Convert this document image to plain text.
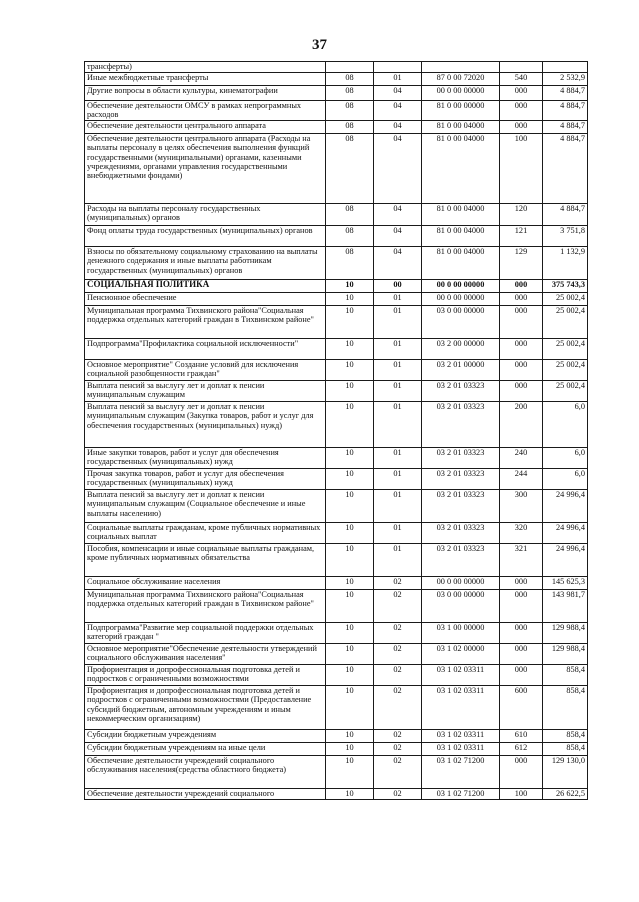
37
трансферты)					
Иные межбюджетные трансферты	08	01	87 0 00 72020	540	2 532,9
Другие вопросы в области культуры, кинематографии	08	04	00 0 00 00000	000	4 884,7
Обеспечение деятельности ОМСУ в рамках непрограммных расходов	08	04	81 0 00 00000	000	4 884,7
Обеспечение деятельности центрального аппарата	08	04	81 0 00 04000	000	4 884,7
Обеспечение деятельности центрального аппарата (Расходы на выплаты персоналу в целях обеспечения выполнения функций государственными (муниципальными) органами, казенными учреждениями, органами управления государственными внебюджетными фондами)	08	04	81 0 00 04000	100	4 884,7
Расходы на выплаты персоналу государственных (муниципальных) органов	08	04	81 0 00 04000	120	4 884,7
Фонд оплаты труда государственных (муниципальных) органов	08	04	81 0 00 04000	121	3 751,8
Взносы по обязательному социальному страхованию на выплаты денежного содержания и иные выплаты работникам государственных (муниципальных) органов	08	04	81 0 00 04000	129	1 132,9
СОЦИАЛЬНАЯ ПОЛИТИКА	10	00	00 0 00 00000	000	375 743,3
Пенсионное обеспечение	10	01	00 0 00 00000	000	25 002,4
Муниципальная программа Тихвинского района"Социальная поддержка отдельных категорий граждан в Тихвинском районе"	10	01	03 0 00 00000	000	25 002,4
Подпрограмма"Профилактика социальной исключенности"	10	01	03 2 00 00000	000	25 002,4
Основное мероприятие" Создание условий для исключения социальной разобщенности граждан"	10	01	03 2 01 00000	000	25 002,4
Выплата пенсий за выслугу лет и доплат к пенсии муниципальным служащим	10	01	03 2 01 03323	000	25 002,4
Выплата пенсий за выслугу лет и доплат к пенсии муниципальным служащим (Закупка товаров, работ и услуг для обеспечения государственных (муниципальных) нужд)	10	01	03 2 01 03323	200	6,0
Иные закупки товаров, работ и услуг для обеспечения государственных (муниципальных) нужд	10	01	03 2 01 03323	240	6,0
Прочая закупка товаров, работ и услуг для обеспечения государственных (муниципальных) нужд	10	01	03 2 01 03323	244	6,0
Выплата пенсий за выслугу лет и доплат к пенсии муниципальным служащим (Социальное обеспечение и иные выплаты населению)	10	01	03 2 01 03323	300	24 996,4
Социальные выплаты гражданам, кроме публичных нормативных социальных выплат	10	01	03 2 01 03323	320	24 996,4
Пособия, компенсации и иные социальные выплаты гражданам, кроме публичных нормативных обязательства	10	01	03 2 01 03323	321	24 996,4
Социальное обслуживание населения	10	02	00 0 00 00000	000	145 625,3
Муниципальная программа Тихвинского района"Социальная поддержка отдельных категорий граждан в Тихвинском районе"	10	02	03 0 00 00000	000	143 981,7
Подпрограмма"Развитие мер социальной поддержки отдельных категорий граждан "	10	02	03 1 00 00000	000	129 988,4
Основное мероприятие"Обеспечение деятельности утверждений социального обслуживания населения"	10	02	03 1 02 00000	000	129 988,4
Профориентация и допрофессиональная подготовка детей и подростков с ограниченными возможностями	10	02	03 1 02 03311	000	858,4
Профориентация и допрофессиональная подготовка детей и подростков с ограниченными возможностями (Предоставление субсидий бюджетным, автономным учреждениям и иным некоммерческим организациям)	10	02	03 1 02 03311	600	858,4
Субсидии бюджетным учреждениям	10	02	03 1 02 03311	610	858,4
Субсидии бюджетным учреждениям на иные цели	10	02	03 1 02 03311	612	858,4
Обеспечение деятельности учреждений социального обслуживания населения(средства областного бюджета)	10	02	03 1 02 71200	000	129 130,0
Обеспечение деятельности учреждений социального	10	02	03 1 02 71200	100	26 622,5
